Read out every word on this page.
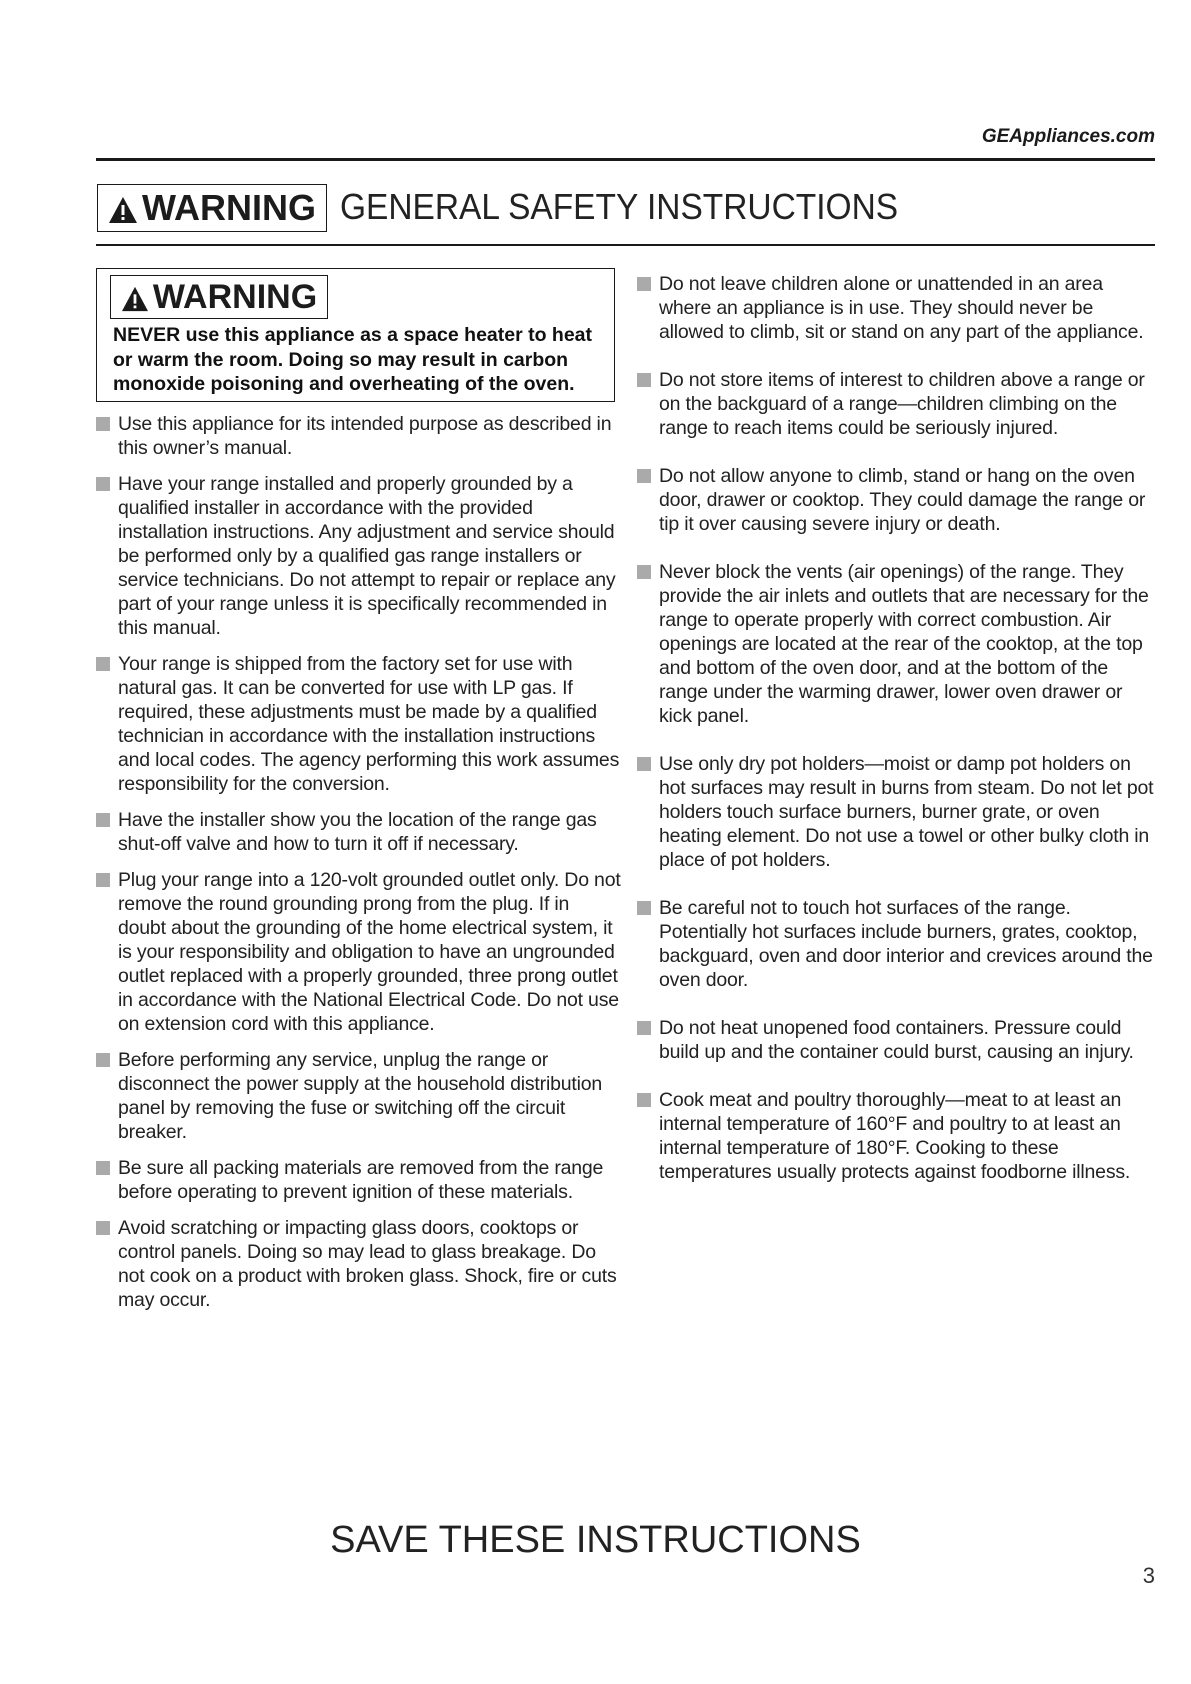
GEAppliances.com
WARNING GENERAL SAFETY INSTRUCTIONS
WARNING
NEVER use this appliance as a space heater to heat or warm the room. Doing so may result in carbon monoxide poisoning and overheating of the oven.
Use this appliance for its intended purpose as described in this owner’s manual.
Have your range installed and properly grounded by a qualified installer in accordance with the provided installation instructions. Any adjustment and service should be performed only by a qualified gas range installers or service technicians. Do not attempt to repair or replace any part of your range unless it is specifically recommended in this manual.
Your range is shipped from the factory set for use with natural gas. It can be converted for use with LP gas. If required, these adjustments must be made by a qualified technician in accordance with the installation instructions and local codes. The agency performing this work assumes responsibility for the conversion.
Have the installer show you the location of the range gas shut-off valve and how to turn it off if necessary.
Plug your range into a 120-volt grounded outlet only. Do not remove the round grounding prong from the plug. If in doubt about the grounding of the home electrical system, it is your responsibility and obligation to have an ungrounded outlet replaced with a properly grounded, three prong outlet in accordance with the National Electrical Code. Do not use on extension cord with this appliance.
Before performing any service, unplug the range or disconnect the power supply at the household distribution panel by removing the fuse or switching off the circuit breaker.
Be sure all packing materials are removed from the range before operating to prevent ignition of these materials.
Avoid scratching or impacting glass doors, cooktops or control panels. Doing so may lead to glass breakage. Do not cook on a product with broken glass. Shock, fire or cuts may occur.
Do not leave children alone or unattended in an area where an appliance is in use. They should never be allowed to climb, sit or stand on any part of the appliance.
Do not store items of interest to children above a range or on the backguard of a range—children climbing on the range to reach items could be seriously injured.
Do not allow anyone to climb, stand or hang on the oven door, drawer or cooktop. They could damage the range or tip it over causing severe injury or death.
Never block the vents (air openings) of the range. They provide the air inlets and outlets that are necessary for the range to operate properly with correct combustion. Air openings are located at the rear of the cooktop, at the top and bottom of the oven door, and at the bottom of the range under the warming drawer, lower oven drawer or kick panel.
Use only dry pot holders—moist or damp pot holders on hot surfaces may result in burns from steam. Do not let pot holders touch surface burners, burner grate, or oven heating element. Do not use a towel or other bulky cloth in place of pot holders.
Be careful not to touch hot surfaces of the range. Potentially hot surfaces include burners, grates, cooktop, backguard, oven and door interior and crevices around the oven door.
Do not heat unopened food containers. Pressure could build up and the container could burst, causing an injury.
Cook meat and poultry thoroughly—meat to at least an internal temperature of 160°F and poultry to at least an internal temperature of 180°F. Cooking to these temperatures usually protects against foodborne illness.
SAVE THESE INSTRUCTIONS
3
